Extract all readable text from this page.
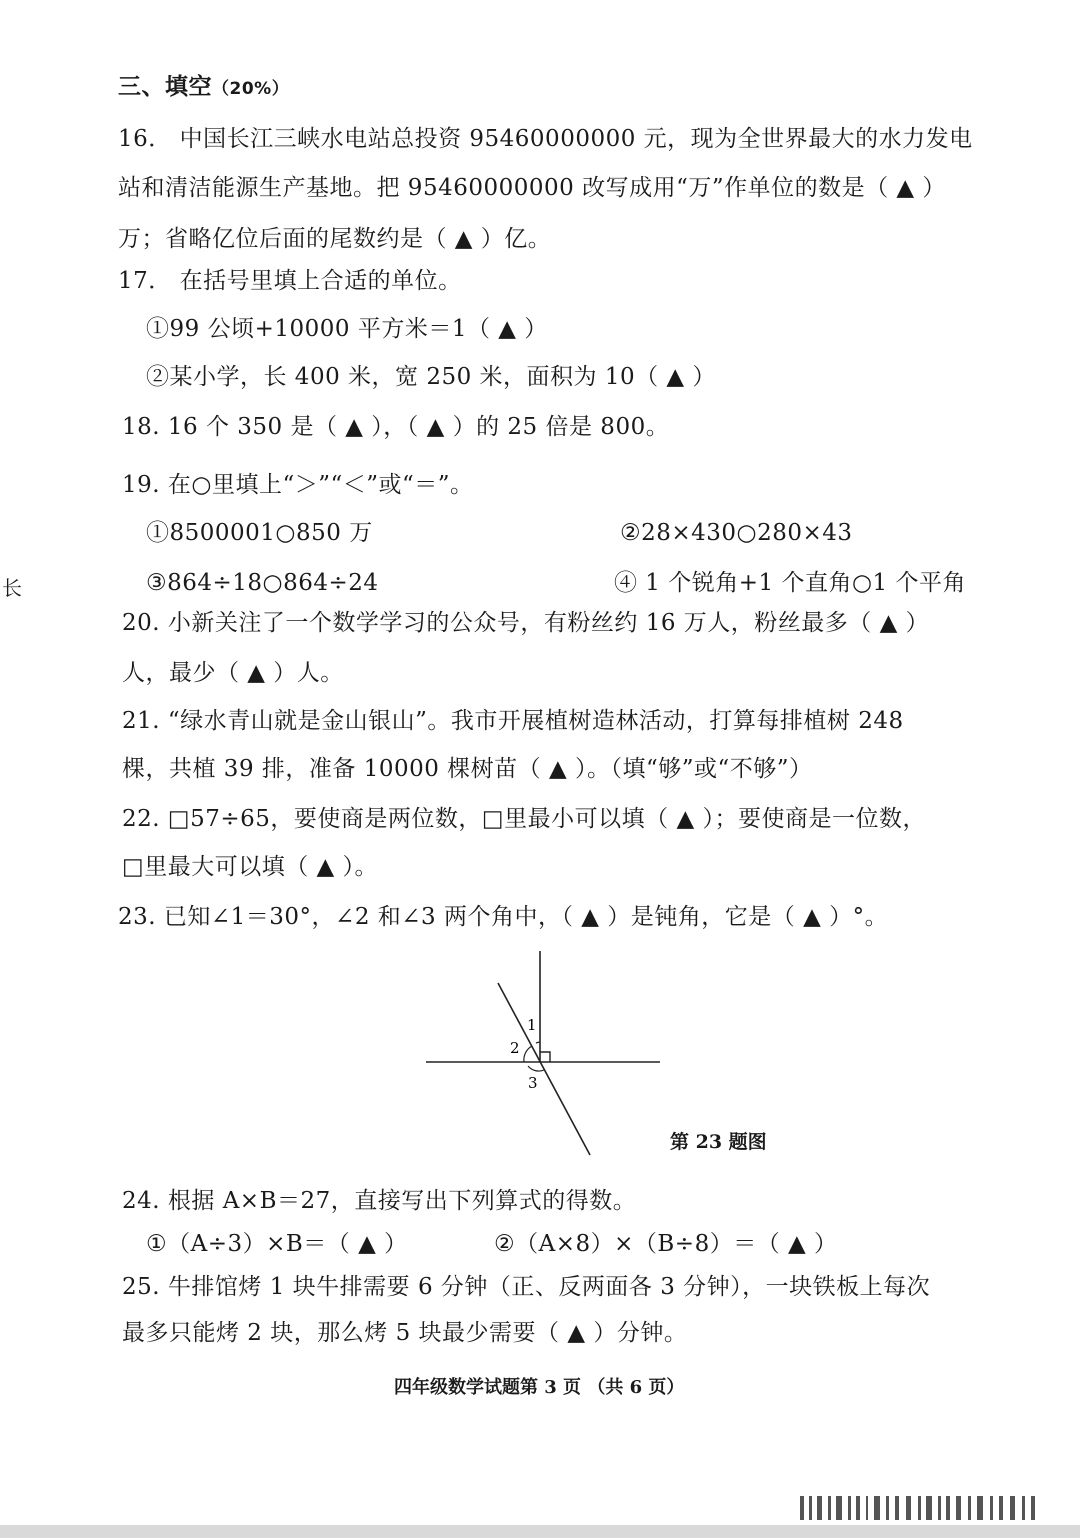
三、填空（20%）
16． 中国长江三峡水电站总投资 95460000000 元，现为全世界最大的水力发电
站和清洁能源生产基地。把 95460000000 改写成用“万”作单位的数是（ ▲ ）
万；省略亿位后面的尾数约是（ ▲ ）亿。
17． 在括号里填上合适的单位。
①99 公顷+10000 平方米＝1（ ▲ ）
②某小学，长 400 米，宽 250 米，面积为 10（ ▲ ）
18. 16 个 350 是（ ▲ ），（ ▲ ）的 25 倍是 800。
19. 在○里填上“＞”“＜”或“＝”。
①8500001○850 万	②28×430○280×43
③864÷18○864÷24	④ 1 个锐角+1 个直角○1 个平角
20. 小新关注了一个数学学习的公众号，有粉丝约 16 万人，粉丝最多（ ▲ ）
人，最少（ ▲ ）人。
21. “绿水青山就是金山银山”。我市开展植树造林活动，打算每排植树 248
棵，共植 39 排，准备 10000 棵树苗（ ▲ ）。（填“够”或“不够”）
22. □57÷65，要使商是两位数，□里最小可以填（ ▲ ）；要使商是一位数，
□里最大可以填（ ▲ ）。
23. 已知∠1＝30°，∠2 和∠3 两个角中，（ ▲ ）是钝角，它是（ ▲ ）°。
1
2
3
第 23 题图
24. 根据 A×B＝27，直接写出下列算式的得数。
①（A÷3）×B＝（ ▲ ）	②（A×8）×（B÷8）＝（ ▲ ）
25. 牛排馆烤 1 块牛排需要 6 分钟（正、反两面各 3 分钟），一块铁板上每次
最多只能烤 2 块，那么烤 5 块最少需要（ ▲ ）分钟。
长
四年级数学试题第 3 页 （共 6 页）
